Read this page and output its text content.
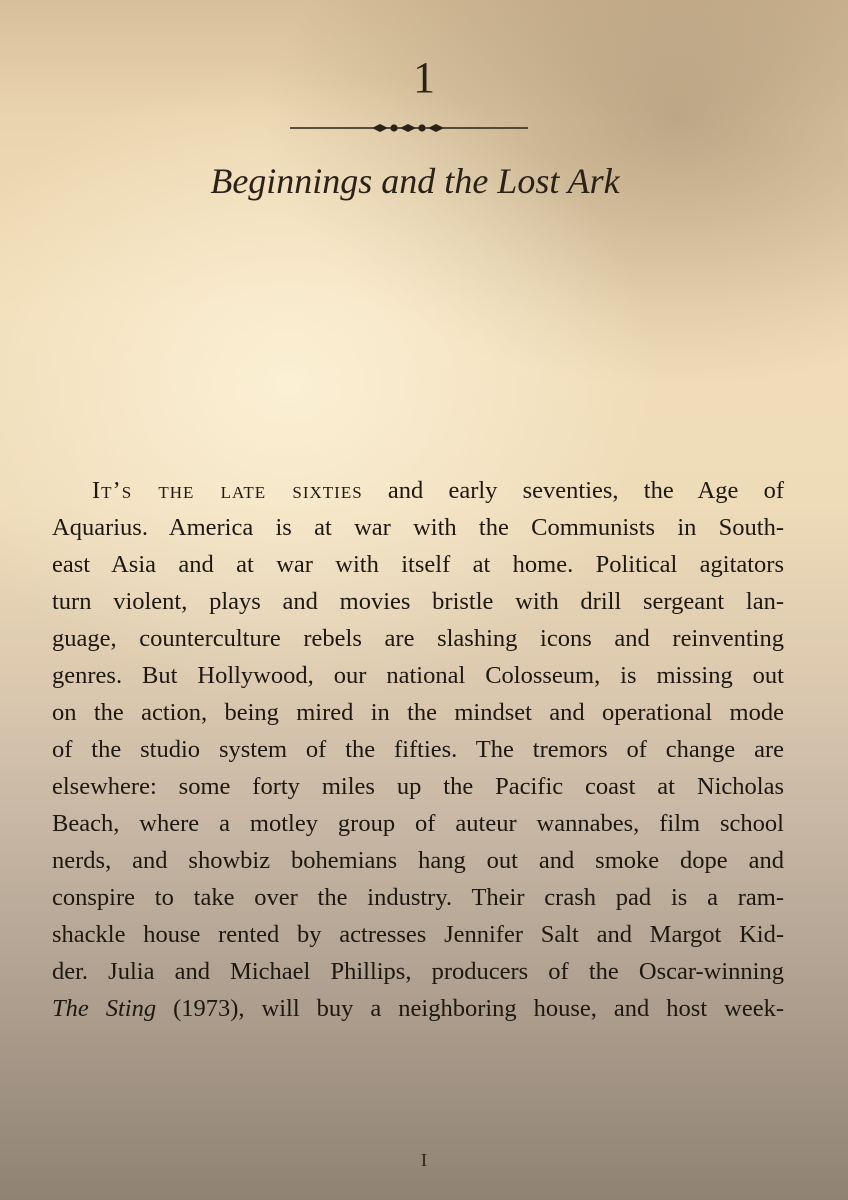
1
Beginnings and the Lost Ark
It’s the late sixties and early seventies, the Age of
Aquarius. America is at war with the Communists in South-
east Asia and at war with itself at home. Political agitators
turn violent, plays and movies bristle with drill sergeant lan-
guage, counterculture rebels are slashing icons and reinventing
genres. But Hollywood, our national Colosseum, is missing out
on the action, being mired in the mindset and operational mode
of the studio system of the fifties. The tremors of change are
elsewhere: some forty miles up the Pacific coast at Nicholas
Beach, where a motley group of auteur wannabes, film school
nerds, and showbiz bohemians hang out and smoke dope and
conspire to take over the industry. Their crash pad is a ram-
shackle house rented by actresses Jennifer Salt and Margot Kid-
der. Julia and Michael Phillips, producers of the Oscar-winning
The Sting (1973), will buy a neighboring house, and host week-
I
